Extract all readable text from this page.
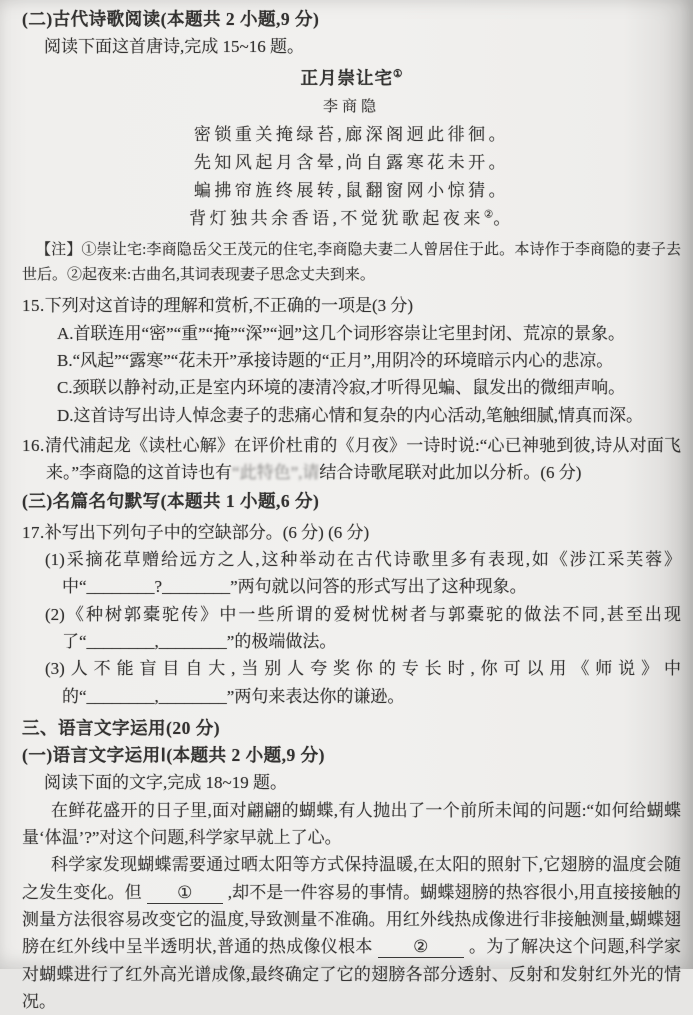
(二)古代诗歌阅读(本题共 2 小题,9 分)

阅读下面这首唐诗,完成 15~16 题。

正月崇让宅①
李商隐
密锁重关掩绿苔,廊深阁迥此徘徊。
先知风起月含晕,尚自露寒花未开。
蝙拂帘旌终展转,鼠翻窗网小惊猜。
背灯独共余香语,不觉犹歌起夜来②。

【注】①崇让宅:李商隐岳父王茂元的住宅,李商隐夫妻二人曾居住于此。本诗作于李商隐的妻子去世后。②起夜来:古曲名,其词表现妻子思念丈夫到来。

15.下列对这首诗的理解和赏析,不正确的一项是(3 分)

A.首联连用“密”“重”“掩”“深”“迥”这几个词形容崇让宅里封闭、荒凉的景象。

B.“风起”“露寒”“花未开”承接诗题的“正月”,用阴冷的环境暗示内心的悲凉。

C.颈联以静衬动,正是室内环境的凄清冷寂,才听得见蝙、鼠发出的微细声响。

D.这首诗写出诗人悼念妻子的悲痛心情和复杂的内心活动,笔触细腻,情真而深。

16.清代浦起龙《读杜心解》在评价杜甫的《月夜》一诗时说:“心已神驰到彼,诗从对面飞来。”李商隐的这首诗也有“此特色”,请结合诗歌尾联对此加以分析。(6 分)

(三)名篇名句默写(本题共 1 小题,6 分)

17.补写出下列句子中的空缺部分。(6 分) (6 分)

(1)采摘花草赠给远方之人,这种举动在古代诗歌里多有表现,如《涉江采芙蓉》中“________?________”两句就以问答的形式写出了这种现象。

(2)《种树郭橐驼传》中一些所谓的爱树忧树者与郭橐驼的做法不同,甚至出现了“________,________”的极端做法。

(3)人不能盲目自大,当别人夸奖你的专长时,你可以用《师说》中的“________,________”两句来表达你的谦逊。

三、语言文字运用(20 分)
(一)语言文字运用Ⅰ(本题共 2 小题,9 分)

阅读下面的文字,完成 18~19 题。

在鲜花盛开的日子里,面对翩翩的蝴蝶,有人抛出了一个前所未闻的问题:“如何给蝴蝶量‘体温’?”对这个问题,科学家早就上了心。

科学家发现蝴蝶需要通过晒太阳等方式保持温暖,在太阳的照射下,它翅膀的温度会随之发生变化。但 ① ,却不是一件容易的事情。蝴蝶翅膀的热容很小,用直接接触的测量方法很容易改变它的温度,导致测量不准确。用红外线热成像进行非接触测量,蝴蝶翅膀在红外线中呈半透明状,普通的热成像仪根本 ② 。为了解决这个问题,科学家对蝴蝶进行了红外高光谱成像,最终确定了它的翅膀各部分透射、反射和发射红外光的情况。
